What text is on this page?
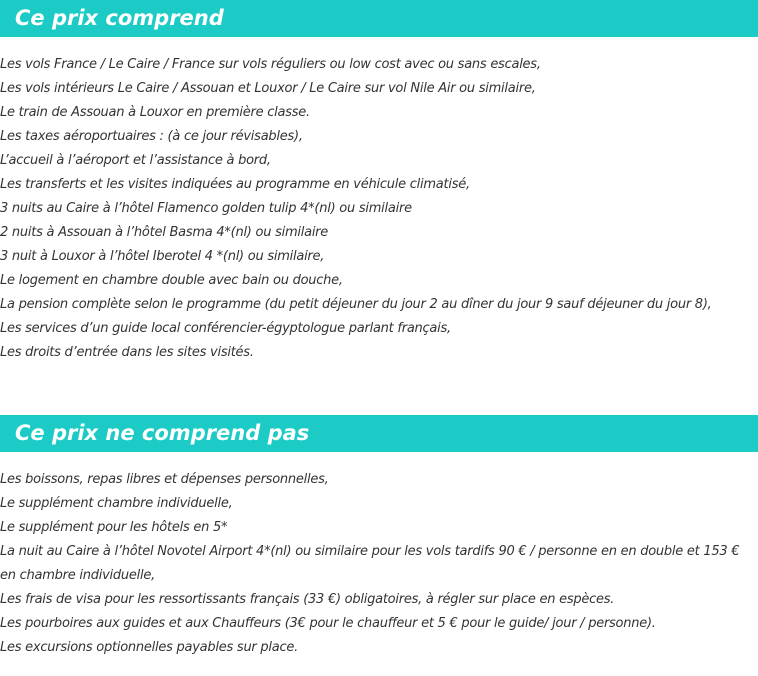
Ce prix comprend
Les vols France / Le Caire / France sur vols réguliers ou low cost avec ou sans escales,
Les vols intérieurs Le Caire / Assouan et Louxor / Le Caire sur vol Nile Air ou similaire,
Le train de Assouan à Louxor en première classe.
Les taxes aéroportuaires : (à ce jour révisables),
L’accueil à l’aéroport et l’assistance à bord,
Les transferts et les visites indiquées au programme en véhicule climatisé,
3 nuits au Caire à l’hôtel Flamenco golden tulip 4*(nl) ou similaire
2 nuits à Assouan à l’hôtel Basma 4*(nl) ou similaire
3 nuit à Louxor à l’hôtel Iberotel 4 *(nl) ou similaire,
Le logement en chambre double avec bain ou douche,
La pension complète selon le programme (du petit déjeuner du jour 2 au dîner du jour 9 sauf déjeuner du jour 8),
Les services d’un guide local conférencier-égyptologue parlant français,
Les droits d’entrée dans les sites visités.
Ce prix ne comprend pas
Les boissons, repas libres et dépenses personnelles,
Le supplément chambre individuelle,
Le supplément pour les hôtels en 5*
La nuit au Caire à l’hôtel Novotel Airport 4*(nl) ou similaire pour les vols tardifs 90 € / personne en en double et 153 € en chambre individuelle,
Les frais de visa pour les ressortissants français (33 €) obligatoires, à régler sur place en espèces.
Les pourboires aux guides et aux Chauffeurs (3€ pour le chauffeur et 5 € pour le guide/ jour / personne).
Les excursions optionnelles payables sur place.
